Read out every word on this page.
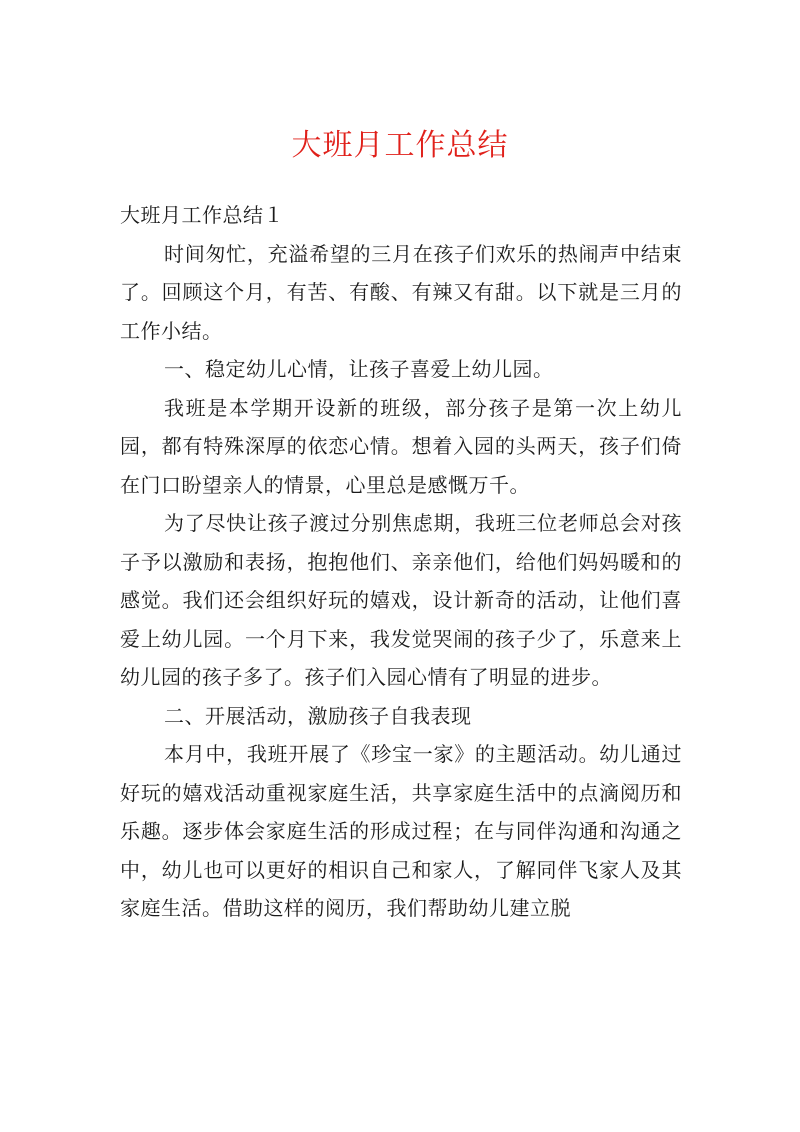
大班月工作总结

大班月工作总结１

时间匆忙，充溢希望的三月在孩子们欢乐的热闹声中结束了。回顾这个月，有苦、有酸、有辣又有甜。以下就是三月的工作小结。

一、稳定幼儿心情，让孩子喜爱上幼儿园。

我班是本学期开设新的班级，部分孩子是第一次上幼儿园，都有特殊深厚的依恋心情。想着入园的头两天，孩子们倚在门口盼望亲人的情景，心里总是感慨万千。

为了尽快让孩子渡过分别焦虑期，我班三位老师总会对孩子予以激励和表扬，抱抱他们、亲亲他们，给他们妈妈暖和的感觉。我们还会组织好玩的嬉戏，设计新奇的活动，让他们喜爱上幼儿园。一个月下来，我发觉哭闹的孩子少了，乐意来上幼儿园的孩子多了。孩子们入园心情有了明显的进步。

二、开展活动，激励孩子自我表现

本月中，我班开展了《珍宝一家》的主题活动。幼儿通过好玩的嬉戏活动重视家庭生活，共享家庭生活中的点滴阅历和乐趣。逐步体会家庭生活的形成过程；在与同伴沟通和沟通之中，幼儿也可以更好的相识自己和家人，了解同伴飞家人及其家庭生活。借助这样的阅历，我们帮助幼儿建立脱
